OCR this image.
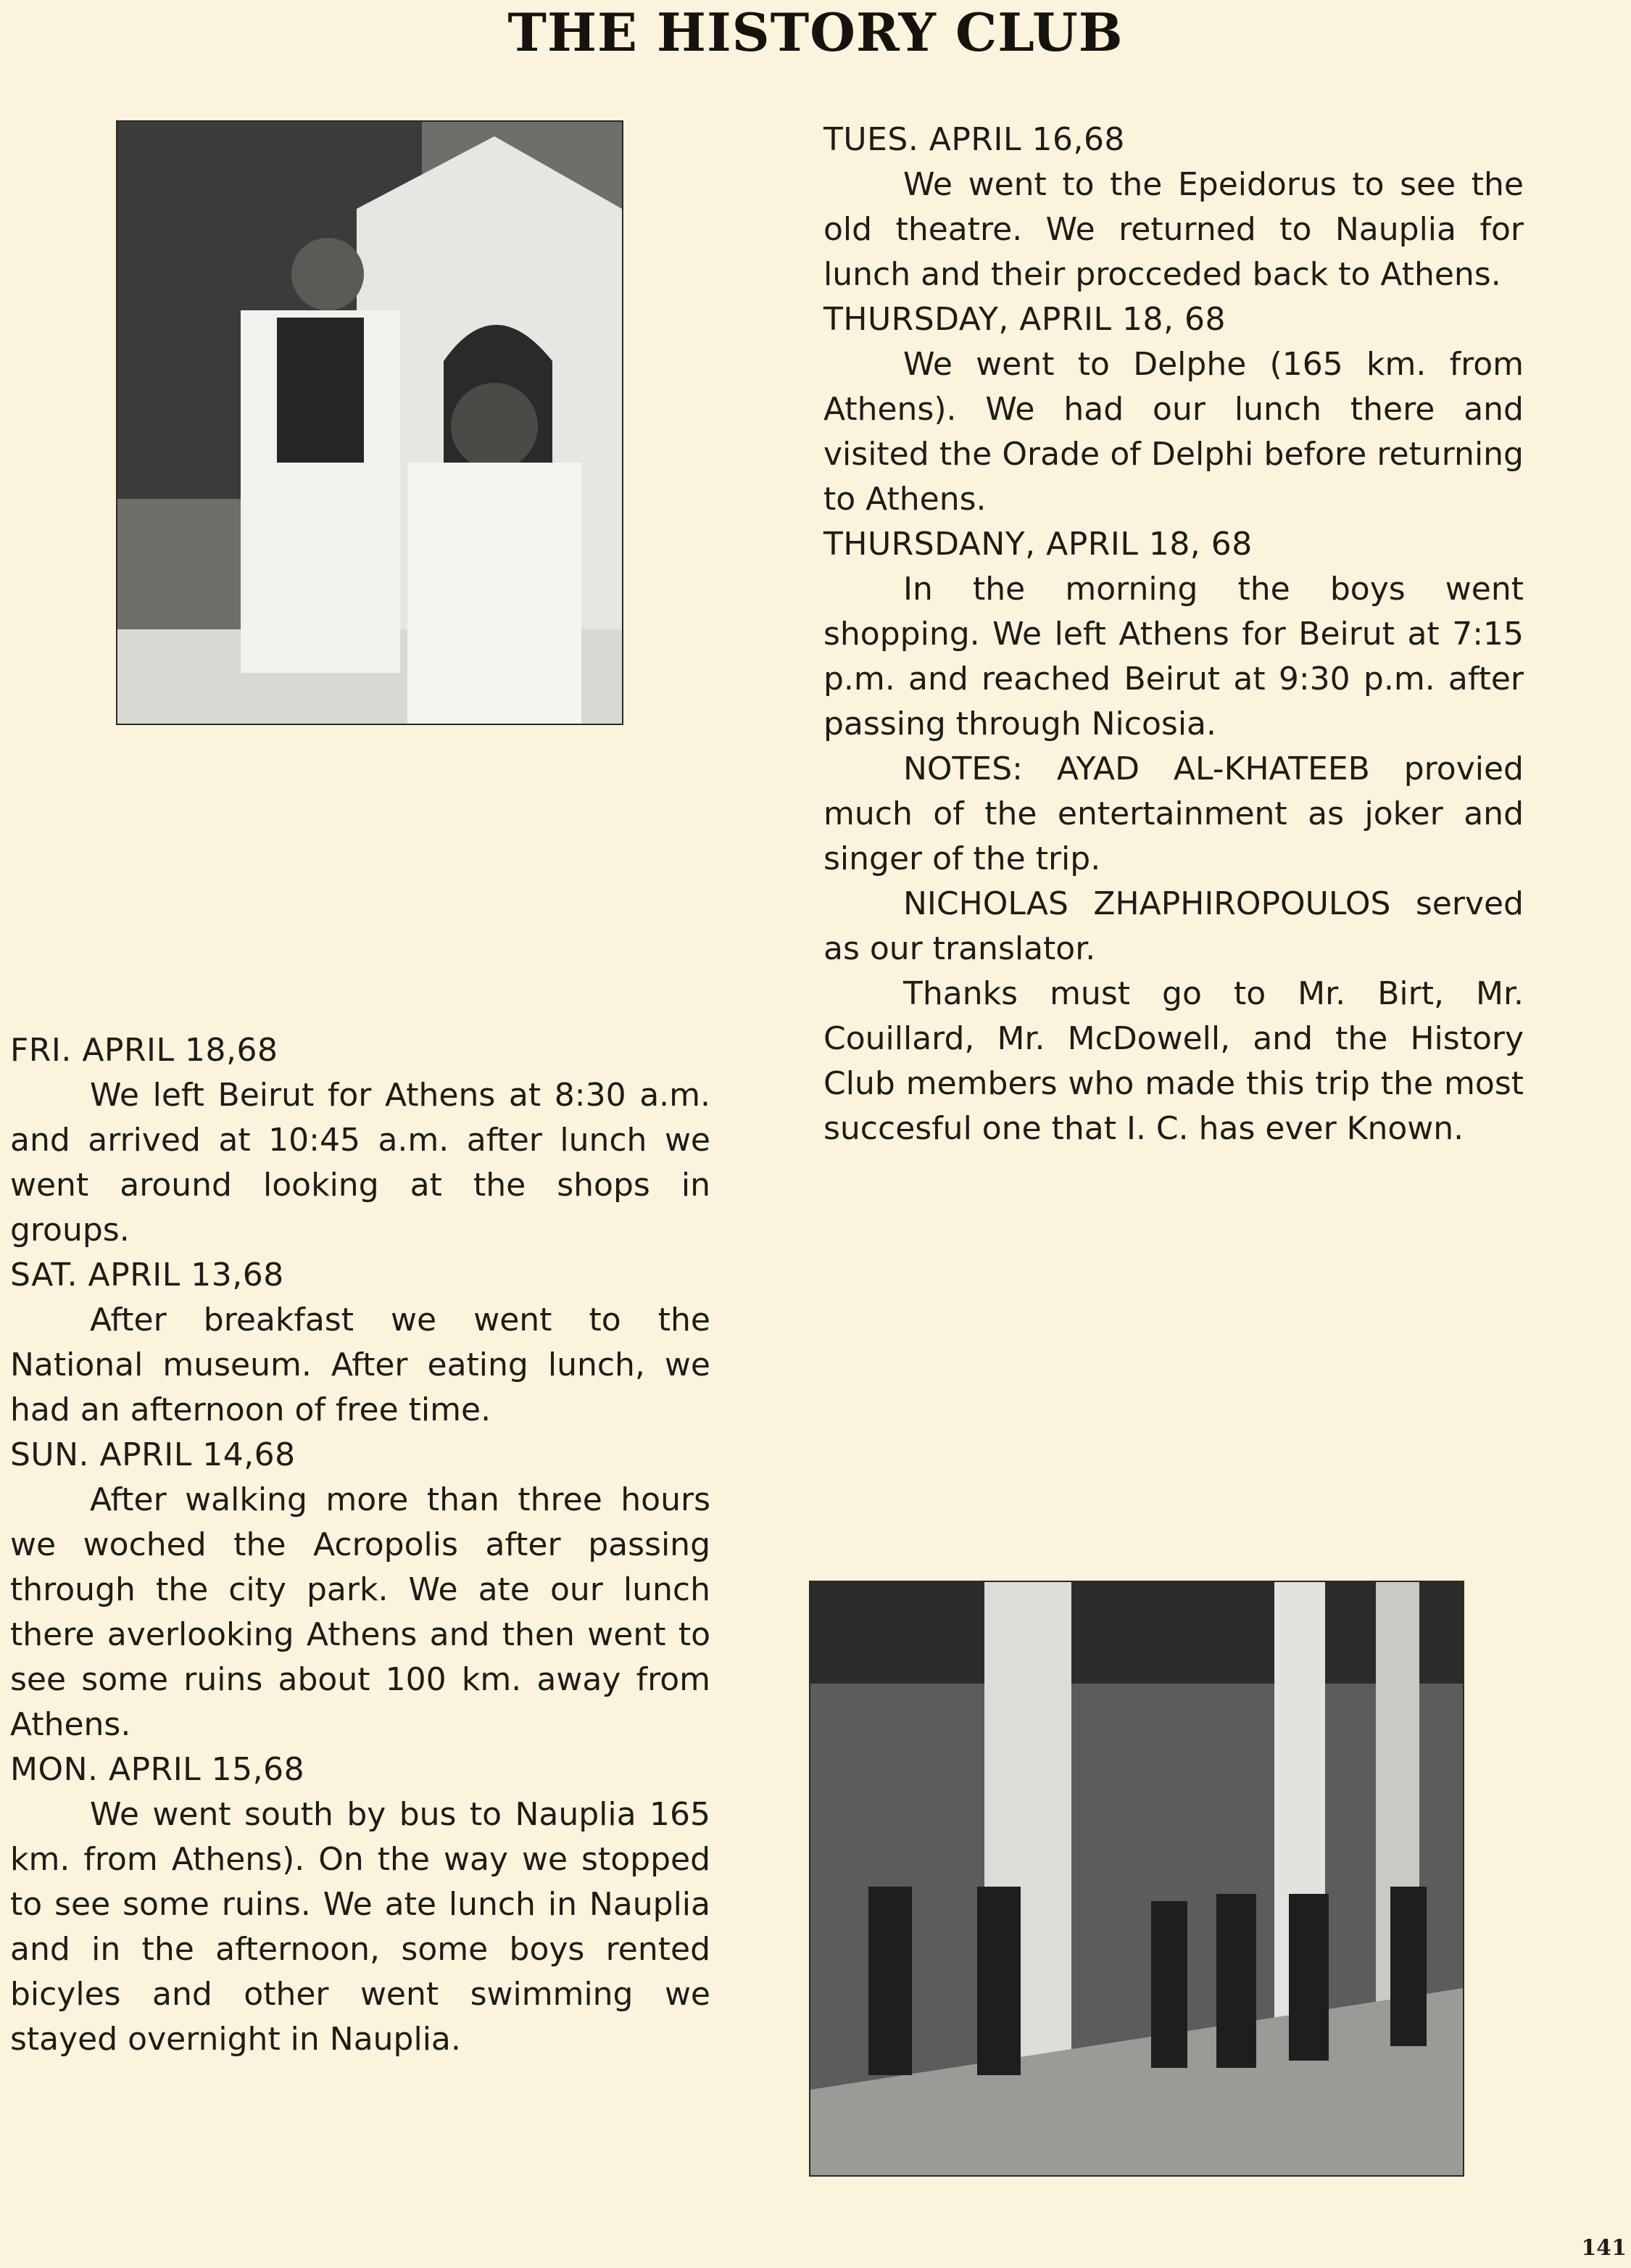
THE HISTORY CLUB
FRI. APRIL 18,68

We left Beirut for Athens at 8:30 a.m. and arrived at 10:45 a.m. after lunch we went around looking at the shops in groups.

SAT. APRIL 13,68

After breakfast we went to the National museum. After eating lunch, we had an afternoon of free time.

SUN. APRIL 14,68

After walking more than three hours we woched the Acropolis after passing through the city park. We ate our lunch there averlooking Athens and then went to see some ruins about 100 km. away from Athens.

MON. APRIL 15,68

We went south by bus to Nauplia 165 km. from Athens). On the way we stopped to see some ruins. We ate lunch in Nauplia and in the afternoon, some boys rented bicyles and other went swimming we stayed overnight in Nauplia.

TUES. APRIL 16,68

We went to the Epeidorus to see the old theatre. We returned to Nauplia for lunch and their procceded back to Athens.

THURSDAY, APRIL 18, 68

We went to Delphe (165 km. from Athens). We had our lunch there and visited the Orade of Delphi before returning to Athens.

THURSDANY, APRIL 18, 68

In the morning the boys went shopping. We left Athens for Beirut at 7:15 p.m. and reached Beirut at 9:30 p.m. after passing through Nicosia.

NOTES: AYAD AL-KHATEEB provied much of the entertainment as joker and singer of the trip.

NICHOLAS ZHAPHIROPOULOS served as our translator.

Thanks must go to Mr. Birt, Mr. Couillard, Mr. McDowell, and the History Club members who made this trip the most succesful one that I. C. has ever Known.

141
